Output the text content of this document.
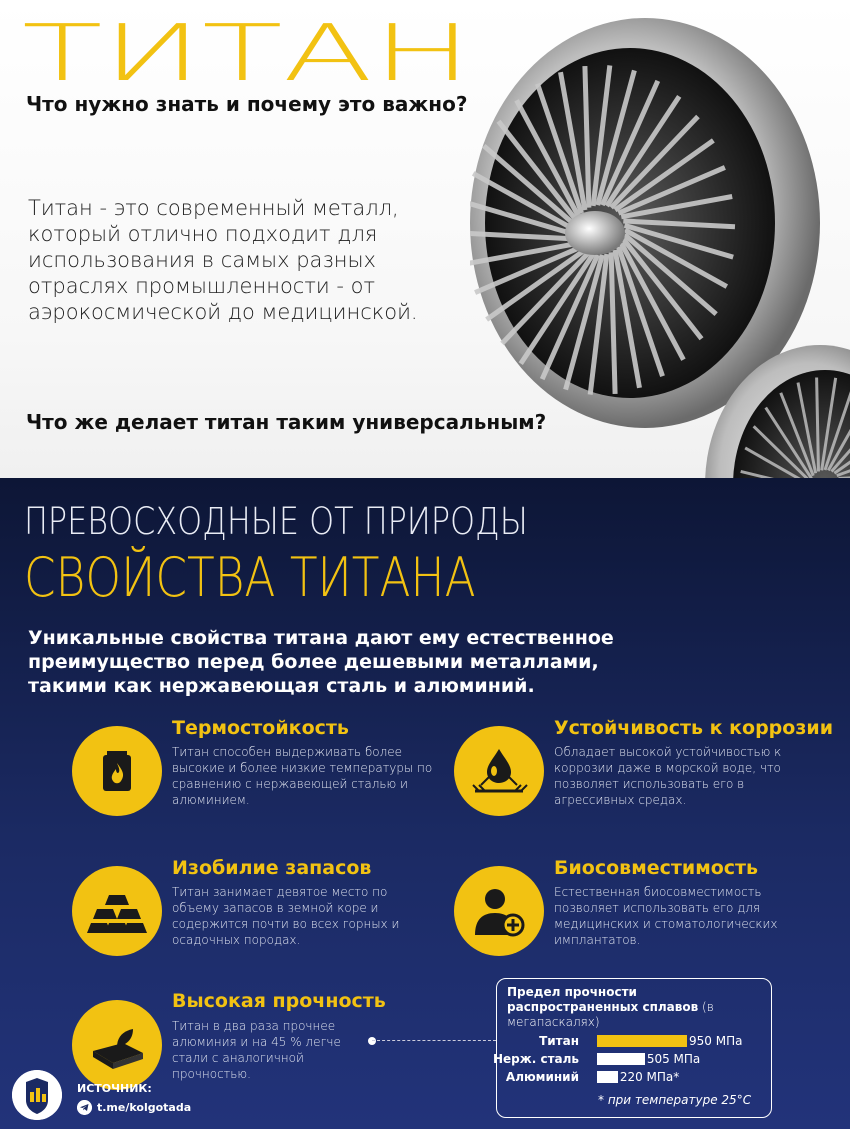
ТИТАН
Что нужно знать и почему это важно?
Титан - это современный металл, который отлично подходит для использования в самых разных отраслях промышленности - от аэрокосмической до медицинской.
Что же делает титан таким универсальным?
ПРЕВОСХОДНЫЕ ОТ ПРИРОДЫ
СВОЙСТВА ТИТАНА
Уникальные свойства титана дают ему естественное преимущество перед более дешевыми металлами, такими как нержавеющая сталь и алюминий.
Термостойкость
Титан способен выдерживать более высокие и более низкие температуры по сравнению с нержавеющей сталью и алюминием.
Устойчивость к коррозии
Обладает высокой устойчивостью к коррозии даже в морской воде, что позволяет использовать его в агрессивных средах.
Изобилие запасов
Титан занимает девятое место по объему запасов в земной коре и содержится почти во всех горных и осадочных породах.
Биосовместимость
Естественная биосовместимость позволяет использовать его для медицинских и стоматологических имплантатов.
Высокая прочность
Титан в два раза прочнее алюминия и на 45 % легче стали с аналогичной прочностью.
Предел прочности распространенных сплавов (в мегапаскалях)
Титан	950 МПа
Нерж. сталь	505 МПа
Алюминий	220 МПа*
* при температуре 25°С
ИСТОЧНИК:
t.me/kolgotada
